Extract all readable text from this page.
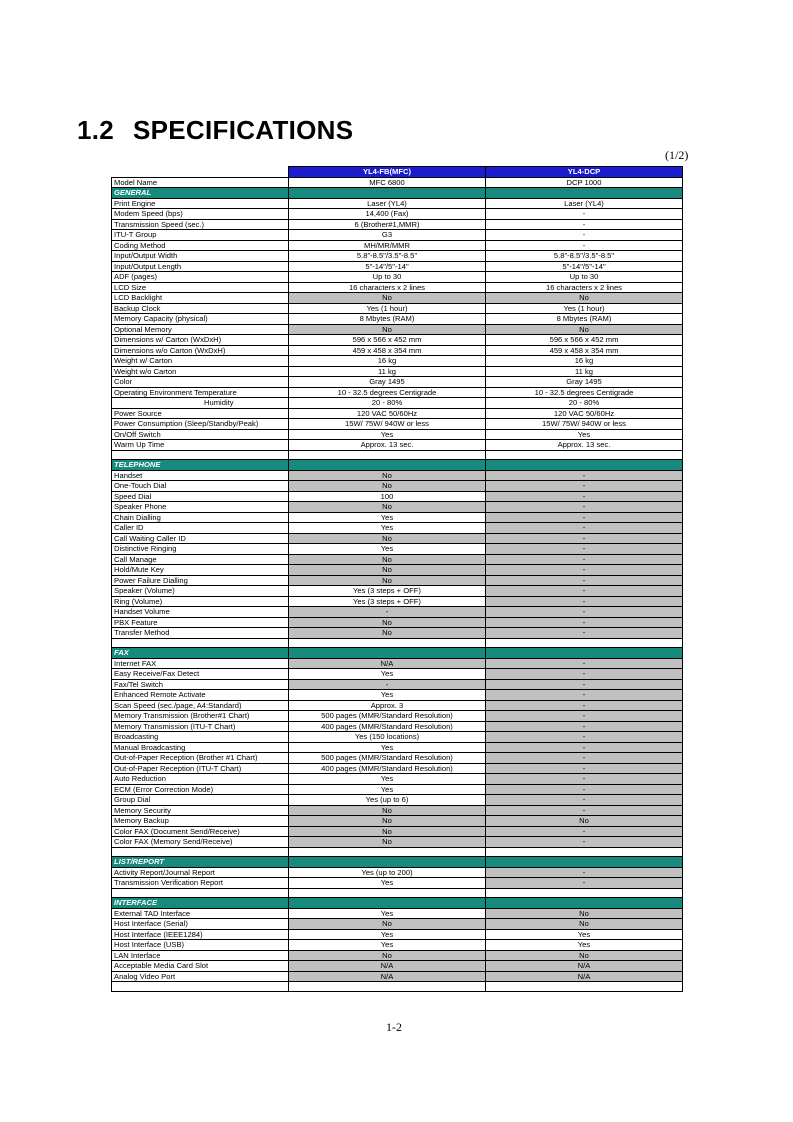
1.2 SPECIFICATIONS
(1/2)
	YL4-FB(MFC)	YL4-DCP
Model Name	MFC 6800	DCP 1000
GENERAL		
Print Engine	Laser (YL4)	Laser (YL4)
Modem Speed (bps)	14,400 (Fax)	-
Transmission Speed (sec.)	6 (Brother#1,MMR)	-
ITU-T Group	G3	-
Coding Method	MH/MR/MMR	-
Input/Output Width	5.8"-8.5"/3.5"-8.5"	5.8"-8.5"/3.5"-8.5"
Input/Output Length	5"-14"/5"-14"	5"-14"/5"-14"
ADF (pages)	Up to 30	Up to 30
LCD Size	16 characters x 2 lines	16 characters x 2 lines
LCD Backlight	No	No
Backup Clock	Yes (1 hour)	Yes (1 hour)
Memory Capacity (physical)	8 Mbytes (RAM)	8 Mbytes (RAM)
Optional Memory	No	No
Dimensions w/ Carton (WxDxH)	596 x 566 x 452 mm	596 x 566 x 452 mm
Dimensions w/o Carton (WxDxH)	459 x 458 x 354 mm	459 x 458 x 354 mm
Weight w/ Carton	16 kg	16 kg
Weight w/o Carton	11 kg	11 kg
Color	Gray 1495	Gray 1495
Operating Environment Temperature	10 - 32.5 degrees Centigrade	10 - 32.5 degrees Centigrade
Humidity	20 - 80%	20 - 80%
Power Source	120 VAC 50/60Hz	120 VAC 50/60Hz
Power Consumption (Sleep/Standby/Peak)	15W/ 75W/ 940W or less	15W/ 75W/ 940W or less
On/Off Switch	Yes	Yes
Warm Up Time	Approx. 13 sec.	Approx. 13 sec.

TELEPHONE		
Handset	No	-
One-Touch Dial	No	-
Speed Dial	100	-
Speaker Phone	No	-
Chain Dialling	Yes	-
Caller ID	Yes	-
Call Waiting Caller ID	No	-
Distinctive Ringing	Yes	-
Call Manage	No	-
Hold/Mute Key	No	-
Power Failure Dialling	No	-
Speaker (Volume)	Yes (3 steps + OFF)	-
Ring (Volume)	Yes (3 steps + OFF)	-
Handset Volume	-	-
PBX Feature	No	-
Transfer Method	No	-

FAX		
Internet FAX	N/A	-
Easy Receive/Fax Detect	Yes	-
Fax/Tel Switch	-	-
Enhanced Remote Activate	Yes	-
Scan Speed (sec./page, A4:Standard)	Approx. 3	-
Memory Transmission (Brother#1 Chart)	500 pages (MMR/Standard Resolution)	-
Memory Transmission (ITU-T Chart)	400 pages (MMR/Standard Resolution)	-
Broadcasting	Yes (150 locations)	-
Manual Broadcasting	Yes	-
Out-of-Paper Reception (Brother #1 Chart)	500 pages (MMR/Standard Resolution)	-
Out-of-Paper Reception (ITU-T Chart)	400 pages (MMR/Standard Resolution)	-
Auto Reduction	Yes	-
ECM (Error Correction Mode)	Yes	-
Group Dial	Yes (up to 6)	-
Memory Security	No	-
Memory Backup	No	No
Color FAX (Document Send/Receive)	No	-
Color FAX (Memory Send/Receive)	No	-

LIST/REPORT		
Activity Report/Journal Report	Yes (up to 200)	-
Transmission Verification Report	Yes	-

INTERFACE		
External TAD Interface	Yes	No
Host Interface (Serial)	No	No
Host Interface (IEEE1284)	Yes	Yes
Host Interface (USB)	Yes	Yes
LAN Interface	No	No
Acceptable Media Card Slot	N/A	N/A
Analog Video Port	N/A	N/A

1-2
